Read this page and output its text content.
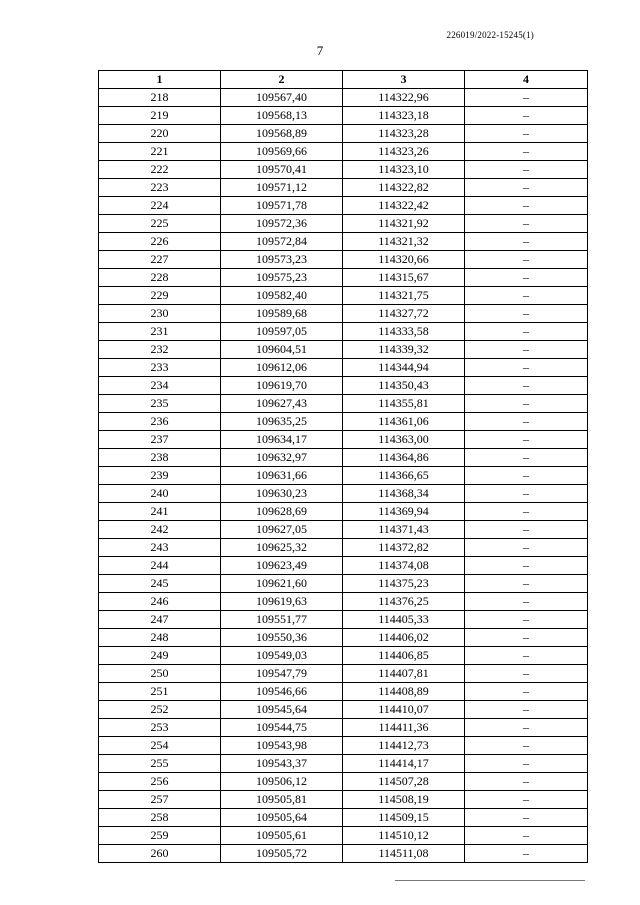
226019/2022-15245(1)
7
1	2	3	4
218	109567,40	114322,96	–
219	109568,13	114323,18	–
220	109568,89	114323,28	–
221	109569,66	114323,26	–
222	109570,41	114323,10	–
223	109571,12	114322,82	–
224	109571,78	114322,42	–
225	109572,36	114321,92	–
226	109572,84	114321,32	–
227	109573,23	114320,66	–
228	109575,23	114315,67	–
229	109582,40	114321,75	–
230	109589,68	114327,72	–
231	109597,05	114333,58	–
232	109604,51	114339,32	–
233	109612,06	114344,94	–
234	109619,70	114350,43	–
235	109627,43	114355,81	–
236	109635,25	114361,06	–
237	109634,17	114363,00	–
238	109632,97	114364,86	–
239	109631,66	114366,65	–
240	109630,23	114368,34	–
241	109628,69	114369,94	–
242	109627,05	114371,43	–
243	109625,32	114372,82	–
244	109623,49	114374,08	–
245	109621,60	114375,23	–
246	109619,63	114376,25	–
247	109551,77	114405,33	–
248	109550,36	114406,02	–
249	109549,03	114406,85	–
250	109547,79	114407,81	–
251	109546,66	114408,89	–
252	109545,64	114410,07	–
253	109544,75	114411,36	–
254	109543,98	114412,73	–
255	109543,37	114414,17	–
256	109506,12	114507,28	–
257	109505,81	114508,19	–
258	109505,64	114509,15	–
259	109505,61	114510,12	–
260	109505,72	114511,08	–
